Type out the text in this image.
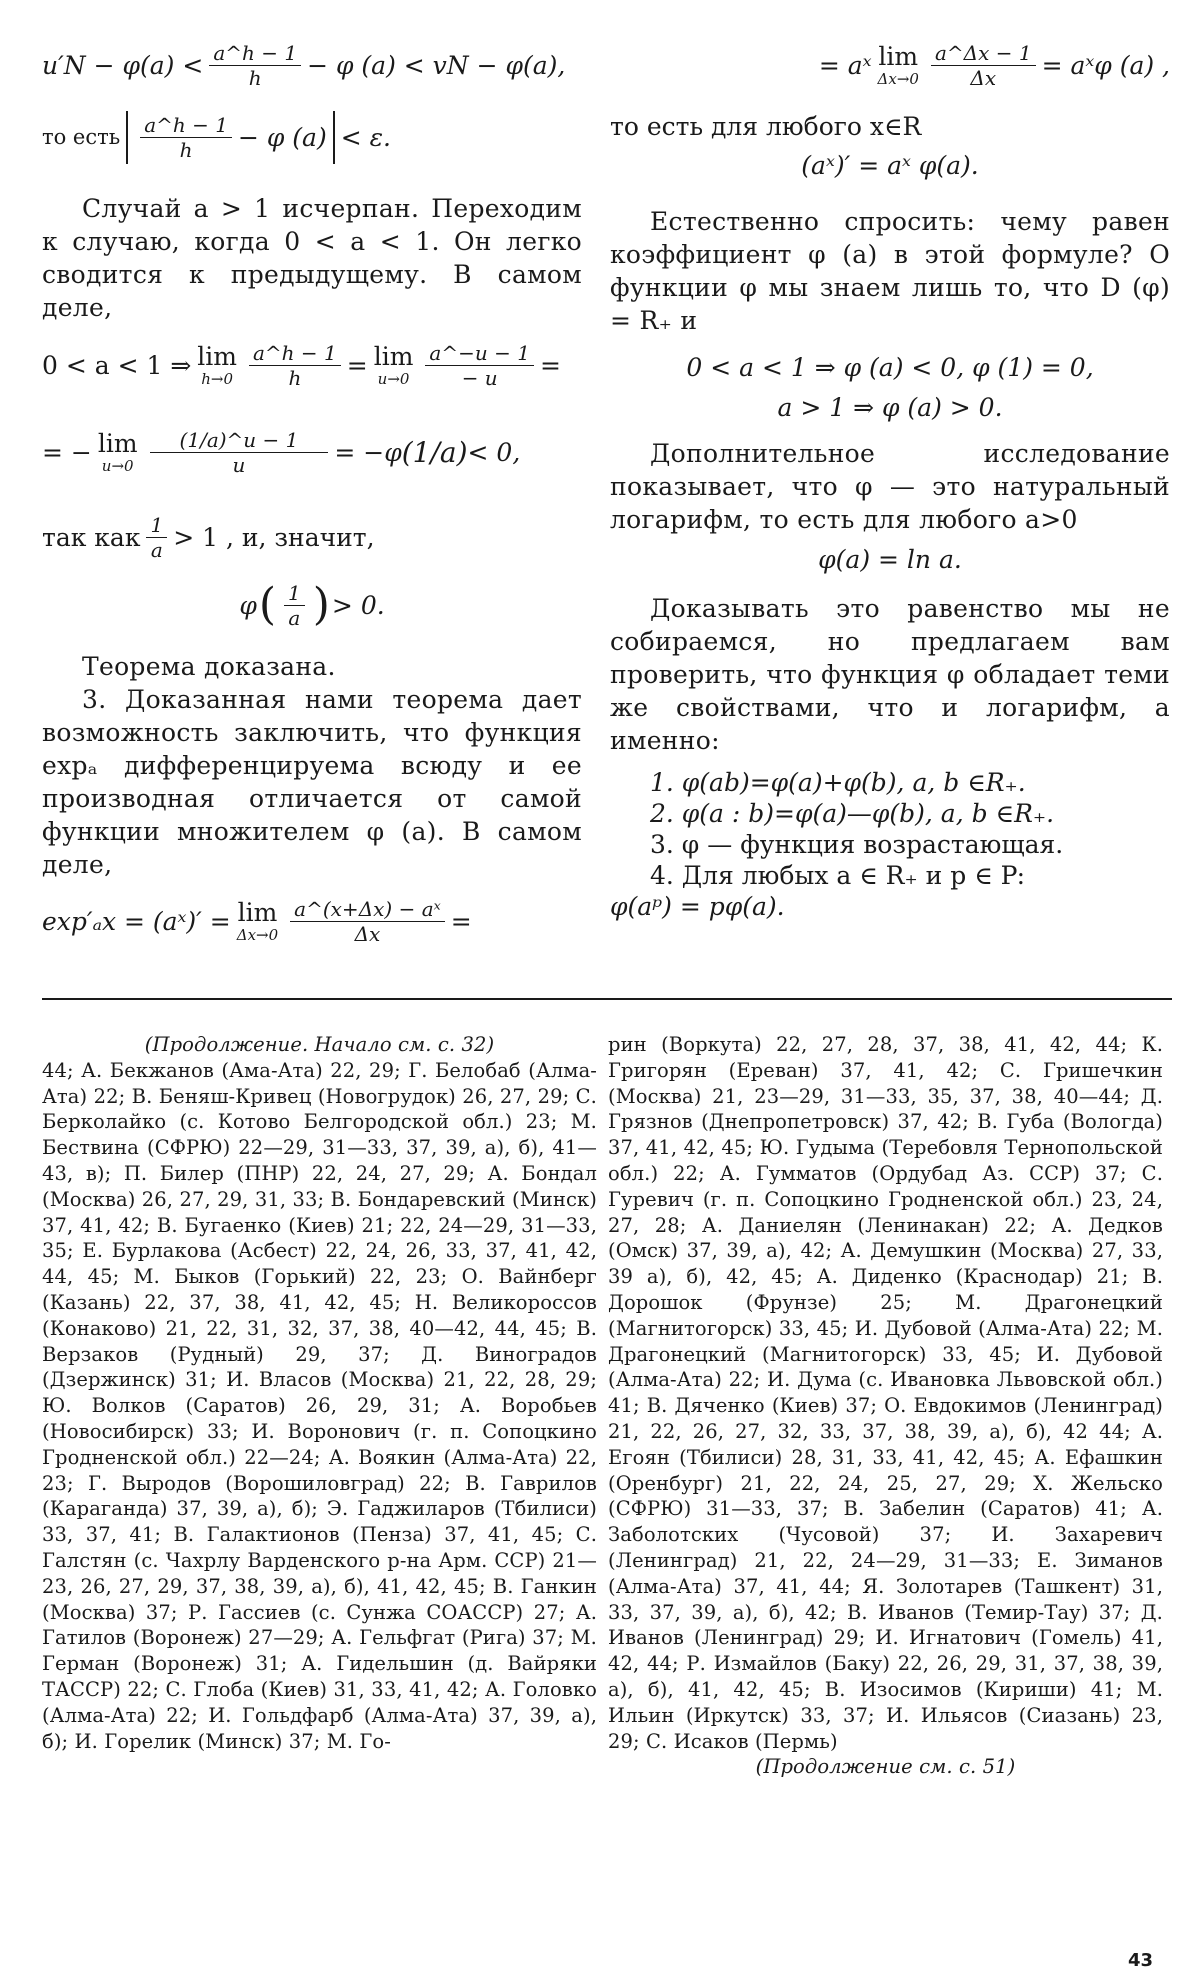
$u'N - \varphi(a) < \frac{a\^{}h - 1}{h} - \varphi$ (a) < vN − φ(a),
то есть $\frac{a\^{}h - 1}{h} - \varphi$ (a) < ε.

Случай a > 1 исчерпан. Переходим к случаю, когда 0 < a < 1. Он легко сводится к предыдущему. В самом деле,

0 < a < 1 ⇒ lim
$h\to 0 \frac{a\^{}h - 1}{h} = \lim$
$u\to 0 \frac{a\^{}-u - 1}{- u}$ =
= − lim
$u\to 0 \frac{(1/a)\^{}u - 1}{u} = -\varphi$ (1/a) < 0,
так как $\frac{1}{a} > 1$ , и, значит,
φ ( $\frac{1}{a}$ ) > 0.

Теорема доказана.

3. Доказанная нами теорема дает возможность заключить, что функция expₐ дифференцируема всюду и ее производная отличается от самой функции множителем φ (a). В самом деле,

exp′ₐx = (aˣ)′ = lim
$\Delta x\to 0 \frac{\text{a\textasciicircum{}(x+Δx) − aˣ}}{\Delta x}$ =
= aˣ lim
$\Delta x\to 0 \frac{a\^{}\Delta x - 1}{\Delta x}$ = aˣφ (a) ,

то есть для любого x∈R

(aˣ)′ = aˣ φ(a).

Естественно спросить: чему равен коэффициент φ (a) в этой формуле? О функции φ мы знаем лишь то, что D (φ) = R₊ и

0 < a < 1 ⇒ φ (a) < 0, φ (1) = 0,
a > 1 ⇒ φ (a) > 0.

Дополнительное исследование показывает, что φ — это натуральный логарифм, то есть для любого a>0

φ(a) = ln a.

Доказывать это равенство мы не собираемся, но предлагаем вам проверить, что функция φ обладает теми же свойствами, что и логарифм, а именно:

1. φ(ab)=φ(a)+φ(b), a, b ∈R₊.
2. φ(a : b)=φ(a)—φ(b), a, b ∈R₊.
3. φ — функция возрастающая.
4. Для любых a ∈ R₊ и p ∈ P:
φ(aᵖ) = pφ(a).

(Продолжение. Начало см. с. 32)

44; А. Бекжанов (Ама-Ата) 22, 29; Г. Белобаб (Алма-Ата) 22; В. Беняш-Кривец (Новогрудок) 26, 27, 29; С. Берколайко (с. Котово Белгородской обл.) 23; М. Бествина (СФРЮ) 22—29, 31—33, 37, 39, а), б), 41—43, в); П. Билер (ПНР) 22, 24, 27, 29; А. Бондал (Москва) 26, 27, 29, 31, 33; В. Бондаревский (Минск) 37, 41, 42; В. Бугаенко (Киев) 21; 22, 24—29, 31—33, 35; Е. Бурлакова (Асбест) 22, 24, 26, 33, 37, 41, 42, 44, 45; М. Быков (Горький) 22, 23; О. Вайнберг (Казань) 22, 37, 38, 41, 42, 45; Н. Великороссов (Конаково) 21, 22, 31, 32, 37, 38, 40—42, 44, 45; В. Верзаков (Рудный) 29, 37; Д. Виноградов (Дзержинск) 31; И. Власов (Москва) 21, 22, 28, 29; Ю. Волков (Саратов) 26, 29, 31; А. Воробьев (Новосибирск) 33; И. Воронович (г. п. Сопоцкино Гродненской обл.) 22—24; А. Воякин (Алма-Ата) 22, 23; Г. Выродов (Ворошиловград) 22; В. Гаврилов (Караганда) 37, 39, а), б); Э. Гаджиларов (Тбилиси) 33, 37, 41; В. Галактионов (Пенза) 37, 41, 45; С. Галстян (с. Чахрлу Варденского р-на Арм. ССР) 21—23, 26, 27, 29, 37, 38, 39, а), б), 41, 42, 45; В. Ганкин (Москва) 37; Р. Гассиев (с. Сунжа СОАССР) 27; А. Гатилов (Воронеж) 27—29; А. Гельфгат (Рига) 37; М. Герман (Воронеж) 31; А. Гидельшин (д. Вайряки ТАССР) 22; С. Глоба (Киев) 31, 33, 41, 42; А. Головко (Алма-Ата) 22; И. Гольдфарб (Алма-Ата) 37, 39, а), б); И. Горелик (Минск) 37; М. Го-

рин (Воркута) 22, 27, 28, 37, 38, 41, 42, 44; К. Григорян (Ереван) 37, 41, 42; С. Гришечкин (Москва) 21, 23—29, 31—33, 35, 37, 38, 40—44; Д. Грязнов (Днепропетровск) 37, 42; В. Губа (Вологда) 37, 41, 42, 45; Ю. Гудыма (Теребовля Тернопольской обл.) 22; А. Гумматов (Ордубад Аз. ССР) 37; С. Гуревич (г. п. Сопоцкино Гродненской обл.) 23, 24, 27, 28; А. Даниелян (Ленинакан) 22; А. Дедков (Омск) 37, 39, а), 42; А. Демушкин (Москва) 27, 33, 39 а), б), 42, 45; А. Диденко (Краснодар) 21; В. Дорошок (Фрунзе) 25; М. Драгонецкий (Магнитогорск) 33, 45; И. Дубовой (Алма-Ата) 22; М. Драгонецкий (Магнитогорск) 33, 45; И. Дубовой (Алма-Ата) 22; И. Дума (с. Ивановка Львовской обл.) 41; В. Дяченко (Киев) 37; О. Евдокимов (Ленинград) 21, 22, 26, 27, 32, 33, 37, 38, 39, а), б), 42 44; А. Егоян (Тбилиси) 28, 31, 33, 41, 42, 45; А. Ефашкин (Оренбург) 21, 22, 24, 25, 27, 29; Х. Жельско (СФРЮ) 31—33, 37; В. Забелин (Саратов) 41; А. Заболотских (Чусовой) 37; И. Захаревич (Ленинград) 21, 22, 24—29, 31—33; Е. Зиманов (Алма-Ата) 37, 41, 44; Я. Золотарев (Ташкент) 31, 33, 37, 39, а), б), 42; В. Иванов (Темир-Тау) 37; Д. Иванов (Ленинград) 29; И. Игнатович (Гомель) 41, 42, 44; Р. Измайлов (Баку) 22, 26, 29, 31, 37, 38, 39, а), б), 41, 42, 45; В. Изосимов (Кириши) 41; М. Ильин (Иркутск) 33, 37; И. Ильясов (Сиазань) 23, 29; С. Исаков (Пермь)

(Продолжение см. с. 51)

43
